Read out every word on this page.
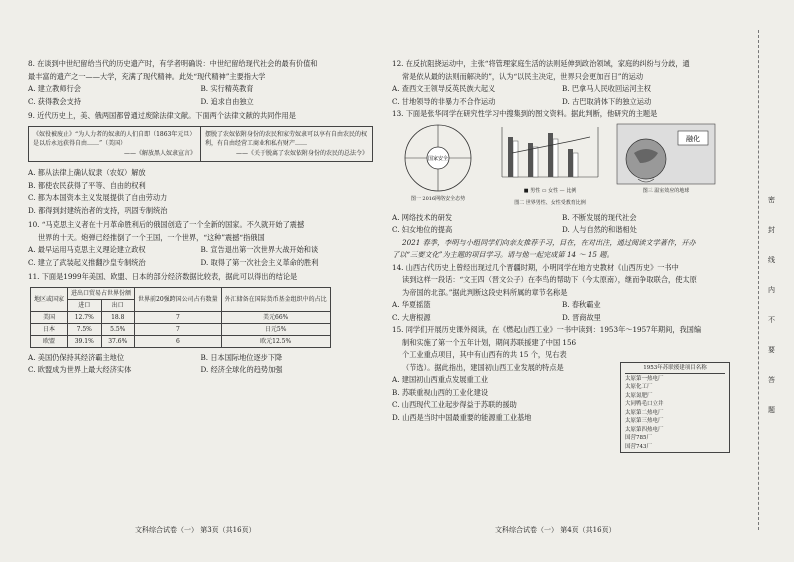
8. 在谈到中世纪留给当代的历史遗产时，有学者明确说：中世纪留给现代社会的最有价值和

最丰富的遗产之一——大学，充满了现代精神。此处“现代精神”主要指大学

A. 建立教师行会	B. 实行精英教育
C. 获得教会支持	D. 追求自由独立

9. 近代历史上，美、俄两国都曾通过废除法律文献。下面两个法律文献的共同作用是

《奴役被废止》“为人力者的奴隶的人们自即（1863年元旦）是以后永远获得自由……”（美国）
——《解放黑人奴隶宣言》
摆脱了农奴依附身份的农民和家劳奴隶可以享有自由农民的权利，有自由经营工商业和私有财产……
——《关于脱离了农奴依附身份的农民的总法令》
A. 都从法律上确认奴隶（农奴）解放
B. 都使农民获得了平等、自由的权利
C. 都为本国资本主义发展提供了自由劳动力
D. 都得到封建统治者的支持，巩固专制统治

10. “马克思主义者在十月革命胜利后的俄国创造了一个全新的国家。不久就开始了震撼

世界的十天。炮弹已经推倒了一个王国，一个世界，“这种”震撼“指俄国

A. 最早运用马克思主义理论建立政权	B. 宣告退出第一次世界大战开始和谈
C. 建立了武装起义推翻沙皇专制统治	D. 取得了第一次社会主义革命的胜利

11. 下面是1999年美国、欧盟、日本的部分经济数据比较表，据此可以得出的结论是

地区或国家	进出口贸易占世界份额		世界前20强跨国公司占有数量	外汇储备在国际货币基金组织中的占比
	进口	出口		
美国	12.7%	18.8	7	美元66%
日本	7.5%	5.5%	7	日元5%
欧盟	39.1%	37.6%	6	欧元12.5%
A. 美国仍保持其经济霸主地位	B. 日本国际地位逐步下降
C. 欧盟成为世界上最大经济实体	D. 经济全球化的趋势加强
文科综合试卷（一） 第3页（共16页）

12. 在反抗阻挠运动中，主张“将管理家庭生活的法则延伸到政治领域，家庭的纠纷与分歧，通

常是依从最的法则而解决的”，认为“以民主决定，世界只会更加百日”的运动

A. 查西文王领导反英民族大起义	B. 巴拿马人民收回运河主权
C. 甘地领导的非暴力不合作运动	D. 古巴取消体下的独立运动

13. 下面是张华同学在研究性学习中搜集到的图文资料。据此判断，他研究的主题是

国家安全
图一 2016网络安全态势
■ 男性 ▭ 女性 — 比例
图二 世界男性、女性受教育比例
融化
图三 温室效应的地球
A. 网络技术的研发	B. 不断发展的现代社会
C. 妇女地位的提高	D. 人与自然的和谐相处

2021 春季，李明与小组同学们向亲友推荐手习，目在，在对出注，通过阅读文学著作，开办

了以“三要文化”为主题的项目学习。请与他一起完成第 14 ～ 15 题。

14. 山西古代历史上曾经出现过几个晋疆时期，小明同学在地方史教材《山西历史》一书中

读到这样一段话：“文王四（晋文公子）在李鸟的帮助下（今太原南），继而争取联合，使太原

为帝国的北部。”据此判断这段史料所属的章节名称是

A. 华夏摇篮	B. 春秋霸业
C. 大唐根源	D. 晋商故里

15. 同学们开展历史课外阅读，在《燃起山西工业》一书中读到：1953年～1957年期间，我国编

制和实施了第一个五年计划，期间苏联援建了中国 156

个工业重点项目，其中有山西有的共 15 个，见右表

（节选）。据此指出，建国初山西工业发展的特点是

A. 建国初山西重点发展重工业
B. 苏联重视山西的工业化建设
C. 山西现代工业起步得益于苏联的援助
D. 山西是当时中国最重要的能源重工业基地
1953年苏联援建项目名称
太原第一热电厂
太原化工厂
太原氮肥厂
大同鸭毛口立井
太原第二热电厂
太原第三热电厂
太原第四热电厂
国营785厂
国营743厂
文科综合试卷（一） 第4页（共16页）
密
封
线
内
不
要
答
题
